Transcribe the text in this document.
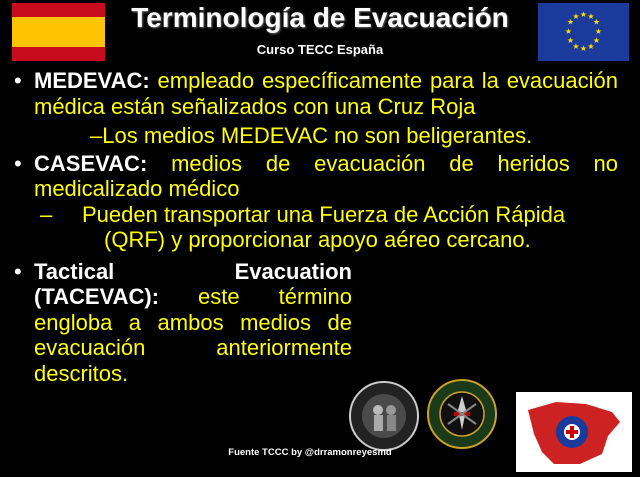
Terminología de Evacuación
Curso TECC España
★ ★
★
★
★
★
★
★
★
★
★
★
• MEDEVAC: empleado específicamente para la evacuación médica están señalizados con una Cruz Roja
–Los medios MEDEVAC no son beligerantes.
• CASEVAC: medios de evacuación de heridos no medicalizado médico
– Pueden transportar una Fuerza de Acción Rápida
(QRF) y proporcionar apoyo aéreo cercano.
• Tactical Evacuation (TACEVAC): este término engloba a ambos medios de evacuación anteriormente descritos.
Fuente TCCC by @drramonreyesmd
